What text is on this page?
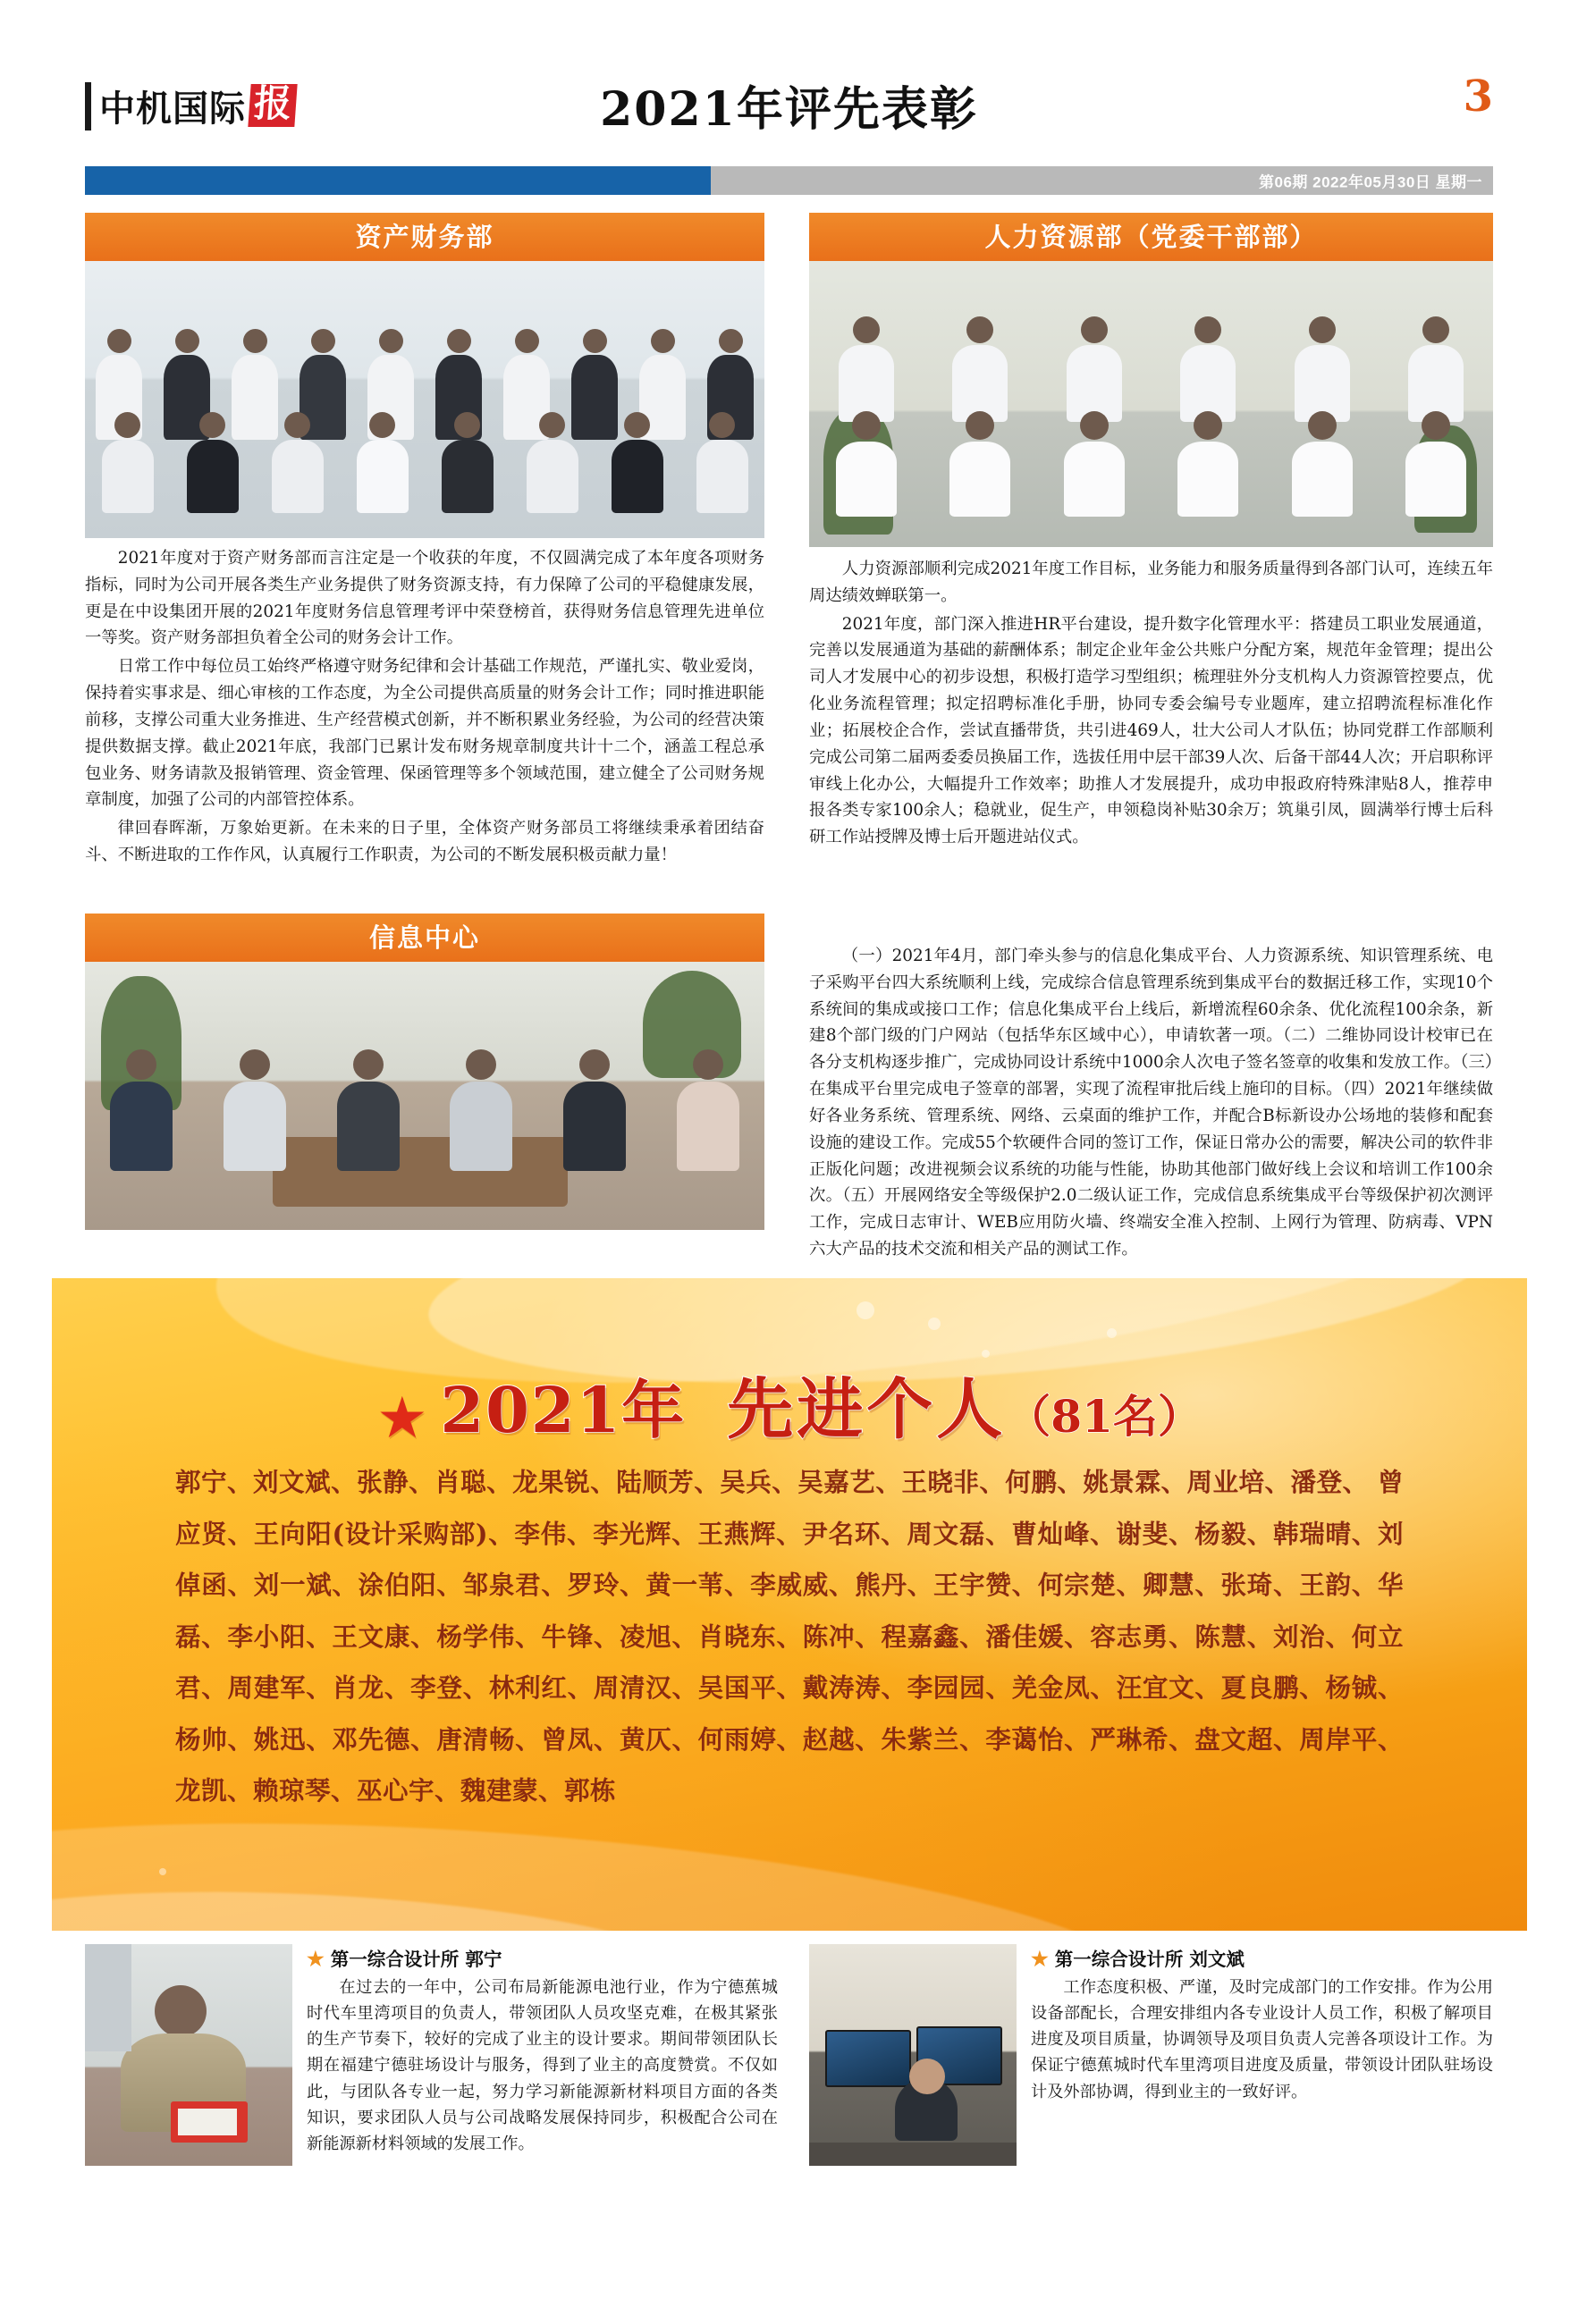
中机国际 报	2021年评先表彰	3
第06期 2022年05月30日 星期一
资产财务部

2021年度对于资产财务部而言注定是一个收获的年度，不仅圆满完成了本年度各项财务指标，同时为公司开展各类生产业务提供了财务资源支持，有力保障了公司的平稳健康发展，更是在中设集团开展的2021年度财务信息管理考评中荣登榜首，获得财务信息管理先进单位一等奖。资产财务部担负着全公司的财务会计工作。

日常工作中每位员工始终严格遵守财务纪律和会计基础工作规范，严谨扎实、敬业爱岗，保持着实事求是、细心审核的工作态度，为全公司提供高质量的财务会计工作；同时推进职能前移，支撑公司重大业务推进、生产经营模式创新，并不断积累业务经验，为公司的经营决策提供数据支撑。截止2021年底，我部门已累计发布财务规章制度共计十二个，涵盖工程总承包业务、财务请款及报销管理、资金管理、保函管理等多个领域范围，建立健全了公司财务规章制度，加强了公司的内部管控体系。

律回春晖渐，万象始更新。在未来的日子里，全体资产财务部员工将继续秉承着团结奋斗、不断进取的工作作风，认真履行工作职责，为公司的不断发展积极贡献力量！

信息中心
人力资源部（党委干部部）

人力资源部顺利完成2021年度工作目标，业务能力和服务质量得到各部门认可，连续五年周达绩效蝉联第一。

2021年度，部门深入推进HR平台建设，提升数字化管理水平：搭建员工职业发展通道，完善以发展通道为基础的薪酬体系；制定企业年金公共账户分配方案，规范年金管理；提出公司人才发展中心的初步设想，积极打造学习型组织；梳理驻外分支机构人力资源管控要点，优化业务流程管理；拟定招聘标准化手册，协同专委会编号专业题库，建立招聘流程标准化作业；拓展校企合作，尝试直播带货，共引进469人，壮大公司人才队伍；协同党群工作部顺利完成公司第二届两委委员换届工作，选拔任用中层干部39人次、后备干部44人次；开启职称评审线上化办公，大幅提升工作效率；助推人才发展提升，成功申报政府特殊津贴8人，推荐申报各类专家100余人；稳就业，促生产，申领稳岗补贴30余万；筑巢引凤，圆满举行博士后科研工作站授牌及博士后开题进站仪式。

（一）2021年4月，部门牵头参与的信息化集成平台、人力资源系统、知识管理系统、电子采购平台四大系统顺利上线，完成综合信息管理系统到集成平台的数据迁移工作，实现10个系统间的集成或接口工作；信息化集成平台上线后，新增流程60余条、优化流程100余条，新建8个部门级的门户网站（包括华东区域中心），申请软著一项。（二）二维协同设计校审已在各分支机构逐步推广，完成协同设计系统中1000余人次电子签名签章的收集和发放工作。（三）在集成平台里完成电子签章的部署，实现了流程审批后线上施印的目标。（四）2021年继续做好各业务系统、管理系统、网络、云桌面的维护工作，并配合B标新设办公场地的装修和配套设施的建设工作。完成55个软硬件合同的签订工作，保证日常办公的需要，解决公司的软件非正版化问题；改进视频会议系统的功能与性能，协助其他部门做好线上会议和培训工作100余次。（五）开展网络安全等级保护2.0二级认证工作，完成信息系统集成平台等级保护初次测评工作，完成日志审计、WEB应用防火墙、终端安全准入控制、上网行为管理、防病毒、VPN六大产品的技术交流和相关产品的测试工作。

★ 2021年 先进个人（81名）
郭宁、刘文斌、张静、肖聪、龙果锐、陆顺芳、吴兵、吴嘉艺、王晓非、何鹏、姚景霖、周业培、潘登、 曾应贤、王向阳(设计采购部)、李伟、李光辉、王燕辉、尹名环、周文磊、曹灿峰、谢斐、杨毅、韩瑞晴、刘倬函、刘一斌、涂伯阳、邹泉君、罗玲、黄一苇、李威威、熊丹、王宇赞、何宗楚、卿慧、张琦、王韵、华磊、李小阳、王文康、杨学伟、牛锋、凌旭、肖晓东、陈冲、程嘉鑫、潘佳媛、容志勇、陈慧、刘治、何立君、周建军、肖龙、李登、林利红、周清汉、吴国平、戴涛涛、李园园、羌金凤、汪宜文、夏良鹏、杨铖、杨帅、姚迅、邓先德、唐清畅、曾凤、黄仄、何雨婷、赵越、朱紫兰、李蔼怡、严琳希、盘文超、周岸平、龙凯、赖琼琴、巫心宇、魏建蒙、郭栋
★ 第一综合设计所 郭宁

在过去的一年中，公司布局新能源电池行业，作为宁德蕉城时代车里湾项目的负责人，带领团队人员攻坚克难，在极其紧张的生产节奏下，较好的完成了业主的设计要求。期间带领团队长期在福建宁德驻场设计与服务，得到了业主的高度赞赏。不仅如此，与团队各专业一起，努力学习新能源新材料项目方面的各类知识，要求团队人员与公司战略发展保持同步，积极配合公司在新能源新材料领域的发展工作。

★ 第一综合设计所 刘文斌

工作态度积极、严谨，及时完成部门的工作安排。作为公用设备部配长，合理安排组内各专业设计人员工作，积极了解项目进度及项目质量，协调领导及项目负责人完善各项设计工作。为保证宁德蕉城时代车里湾项目进度及质量，带领设计团队驻场设计及外部协调，得到业主的一致好评。
